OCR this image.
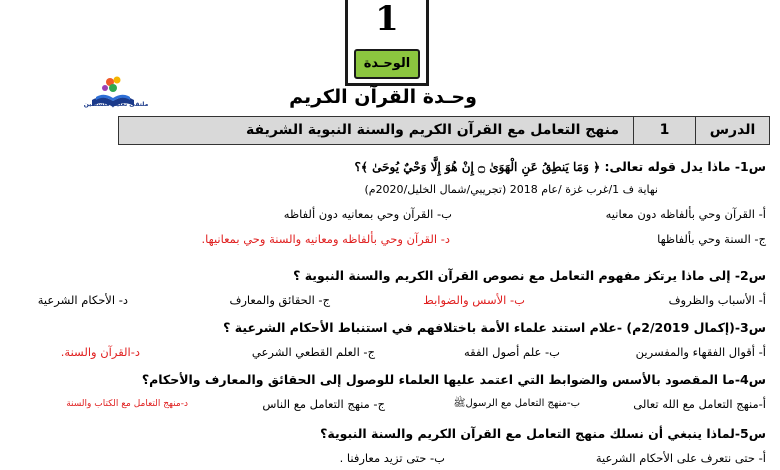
1
الوحـدة
ملتقى تعليم فلسطين	وحـدة القرآن الكريم
الدرس
1
منهج التعامل مع القرآن الكريم والسنة النبوية الشريفة
س1- ماذا يدل قوله تعالى: ﴿ وَمَا يَنطِقُ عَنِ الْهَوَىٰ ۝ إِنْ هُوَ إِلَّا وَحْيٌ يُوحَىٰ ﴾؟
نهاية ف 1/غرب غزة /عام 2018 (تجريبي/شمال الخليل/2020م)
أ- القرآن وحي بألفاظه دون معانيه
ب- القرآن وحي بمعانيه دون ألفاظه
ج- السنة وحي بألفاظها
د- القرآن وحي بألفاظه ومعانيه والسنة وحي بمعانيها.
س2- إلى ماذا يرتكز مفهوم التعامل مع نصوص القرآن الكريم والسنة النبوية ؟
أ- الأسباب والظروف
ب- الأسس والضوابط
ج- الحقائق والمعارف
د- الأحكام الشرعية
س3-(إكمال 2/2019م) -علام استند علماء الأمة باختلافهم في استنباط الأحكام الشرعية ؟
أ- أقوال الفقهاء والمفسرين
ب- علم أصول الفقه
ج- العلم القطعي الشرعي
د-القرآن والسنة.
س4-ما المقصود بالأسس والضوابط التي اعتمد عليها العلماء للوصول إلى الحقائق والمعارف والأحكام؟
أ-منهج التعامل مع الله تعالى
ب-منهج التعامل مع الرسولﷺ
ج- منهج التعامل مع الناس
د-منهج التعامل مع الكتاب والسنة
س5-لماذا ينبغي أن نسلك منهج التعامل مع القرآن الكريم والسنة النبوية؟
أ- حتى نتعرف على الأحكام الشرعية
ب- حتى تزيد معارفنا .
